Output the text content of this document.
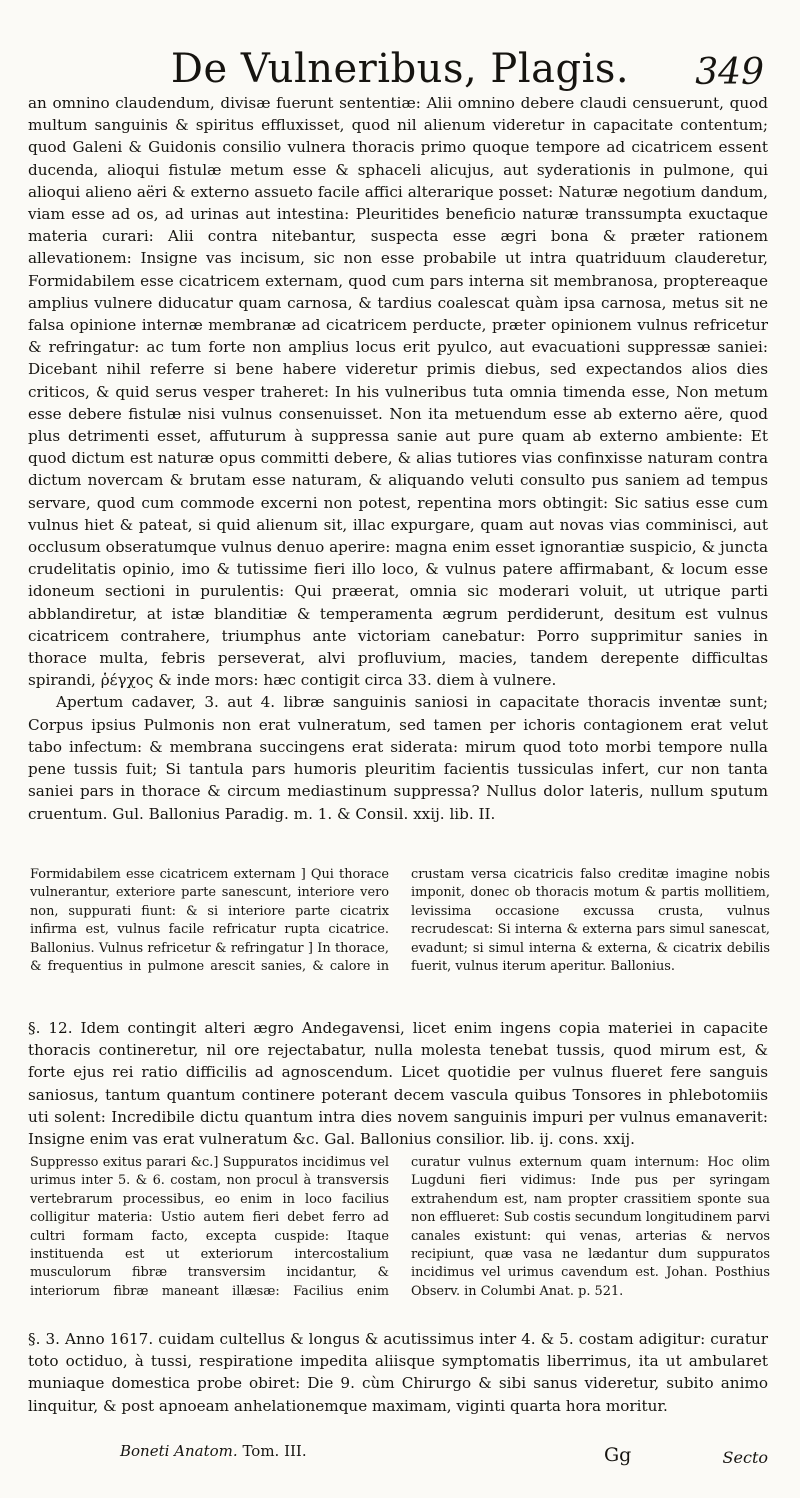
De Vulneribus, Plagis.	349

an omnino claudendum, divisæ fuerunt sententiæ: Alii omnino debere claudi censuerunt, quod multum sanguinis & spiritus effluxisset, quod nil alienum videretur in capacitate contentum; quod Galeni & Guidonis consilio vulnera thoracis primo quoque tempore ad cicatricem essent ducenda, alioqui fistulæ metum esse & sphaceli alicujus, aut syderationis in pulmone, qui alioqui alieno aëri & externo assueto facile affici alterarique posset: Naturæ negotium dandum, viam esse ad os, ad urinas aut intestina: Pleuritides beneficio naturæ transsumpta exuctaque materia curari: Alii contra nitebantur, suspecta esse ægri bona & præter rationem allevationem: Insigne vas incisum, sic non esse probabile ut intra quatriduum clauderetur, Formidabilem esse cicatricem externam, quod cum pars interna sit membranosa, proptereaque amplius vulnere diducatur quam carnosa, & tardius coalescat quàm ipsa carnosa, metus sit ne falsa opinione internæ membranæ ad cicatricem perducte, præter opinionem vulnus refricetur & refringatur: ac tum forte non amplius locus erit pyulco, aut evacuationi suppressæ saniei: Dicebant nihil referre si bene habere videretur primis diebus, sed expectandos alios dies criticos, & quid serus vesper traheret: In his vulneribus tuta omnia timenda esse, Non metum esse debere fistulæ nisi vulnus consenuisset. Non ita metuendum esse ab externo aëre, quod plus detrimenti esset, affuturum à suppressa sanie aut pure quam ab externo ambiente: Et quod dictum est naturæ opus committi debere, & alias tutiores vias confinxisse naturam contra dictum novercam & brutam esse naturam, & aliquando veluti consulto pus saniem ad tempus servare, quod cum commode excerni non potest, repentina mors obtingit: Sic satius esse cum vulnus hiet & pateat, si quid alienum sit, illac expurgare, quam aut novas vias comminisci, aut occlusum obseratumque vulnus denuo aperire: magna enim esset ignorantiæ suspicio, & juncta crudelitatis opinio, imo & tutissime fieri illo loco, & vulnus patere affirmabant, & locum esse idoneum sectioni in purulentis: Qui præerat, omnia sic moderari voluit, ut utrique parti abblandiretur, at istæ blanditiæ & temperamenta ægrum perdiderunt, desitum est vulnus cicatricem contrahere, triumphus ante victoriam canebatur: Porro supprimitur sanies in thorace multa, febris perseverat, alvi profluvium, macies, tandem derepente difficultas spirandi, ῥέγχος & inde mors: hæc contigit circa 33. diem à vulnere.

Apertum cadaver, 3. aut 4. libræ sanguinis saniosi in capacitate thoracis inventæ sunt; Corpus ipsius Pulmonis non erat vulneratum, sed tamen per ichoris contagionem erat velut tabo infectum: & membrana succingens erat siderata: mirum quod toto morbi tempore nulla pene tussis fuit; Si tantula pars humoris pleuritim facientis tussiculas infert, cur non tanta saniei pars in thorace & circum mediastinum suppressa? Nullus dolor lateris, nullum sputum cruentum. Gul. Ballonius Paradig. m. 1. & Consil. xxij. lib. II.

Formidabilem esse cicatricem externam ] Qui thorace vulnerantur, exteriore parte sanescunt, interiore vero non, suppurati fiunt: & si interiore parte cicatrix infirma est, vulnus facile refricatur rupta cicatrice. Ballonius. Vulnus refricetur & refringatur ] In thorace, & frequentius in pulmone arescit sanies, & calore in crustam versa cicatricis falso creditæ imagine nobis imponit, donec ob thoracis motum & partis mollitiem, levissima occasione excussa crusta, vulnus recrudescat: Si interna & externa pars simul sanescat, evadunt; si simul interna & externa, & cicatrix debilis fuerit, vulnus iterum aperitur. Ballonius.

§. 12. Idem contingit alteri ægro Andegavensi, licet enim ingens copia materiei in capacite thoracis contineretur, nil ore rejectabatur, nulla molesta tenebat tussis, quod mirum est, & forte ejus rei ratio difficilis ad agnoscendum. Licet quotidie per vulnus flueret fere sanguis saniosus, tantum quantum continere poterant decem vascula quibus Tonsores in phlebotomiis uti solent: Incredibile dictu quantum intra dies novem sanguinis impuri per vulnus emanaverit: Insigne enim vas erat vulneratum &c. Gal. Ballonius consilior. lib. ij. cons. xxij.

Suppresso exitus parari &c.] Suppuratos incidimus vel urimus inter 5. & 6. costam, non procul à transversis vertebrarum processibus, eo enim in loco facilius colligitur materia: Ustio autem fieri debet ferro ad cultri formam facto, excepta cuspide: Itaque instituenda est ut exteriorum intercostalium musculorum fibræ transversim incidantur, & interiorum fibræ maneant illæsæ: Facilius enim curatur vulnus externum quam internum: Hoc olim Lugduni fieri vidimus: Inde pus per syringam extrahendum est, nam propter crassitiem sponte sua non efflueret: Sub costis secundum longitudinem parvi canales existunt: qui venas, arterias & nervos recipiunt, quæ vasa ne lædantur dum suppuratos incidimus vel urimus cavendum est. Johan. Posthius Observ. in Columbi Anat. p. 521.

§. 3. Anno 1617. cuidam cultellus & longus & acutissimus inter 4. & 5. costam adigitur: curatur toto octiduo, à tussi, respiratione impedita aliisque symptomatis liberrimus, ita ut ambularet muniaque domestica probe obiret: Die 9. cùm Chirurgo & sibi sanus videretur, subito animo linquitur, & post apnoeam anhelationemque maximam, viginti quarta hora moritur.
Boneti Anatom. Tom. III.	Gg	Secto
